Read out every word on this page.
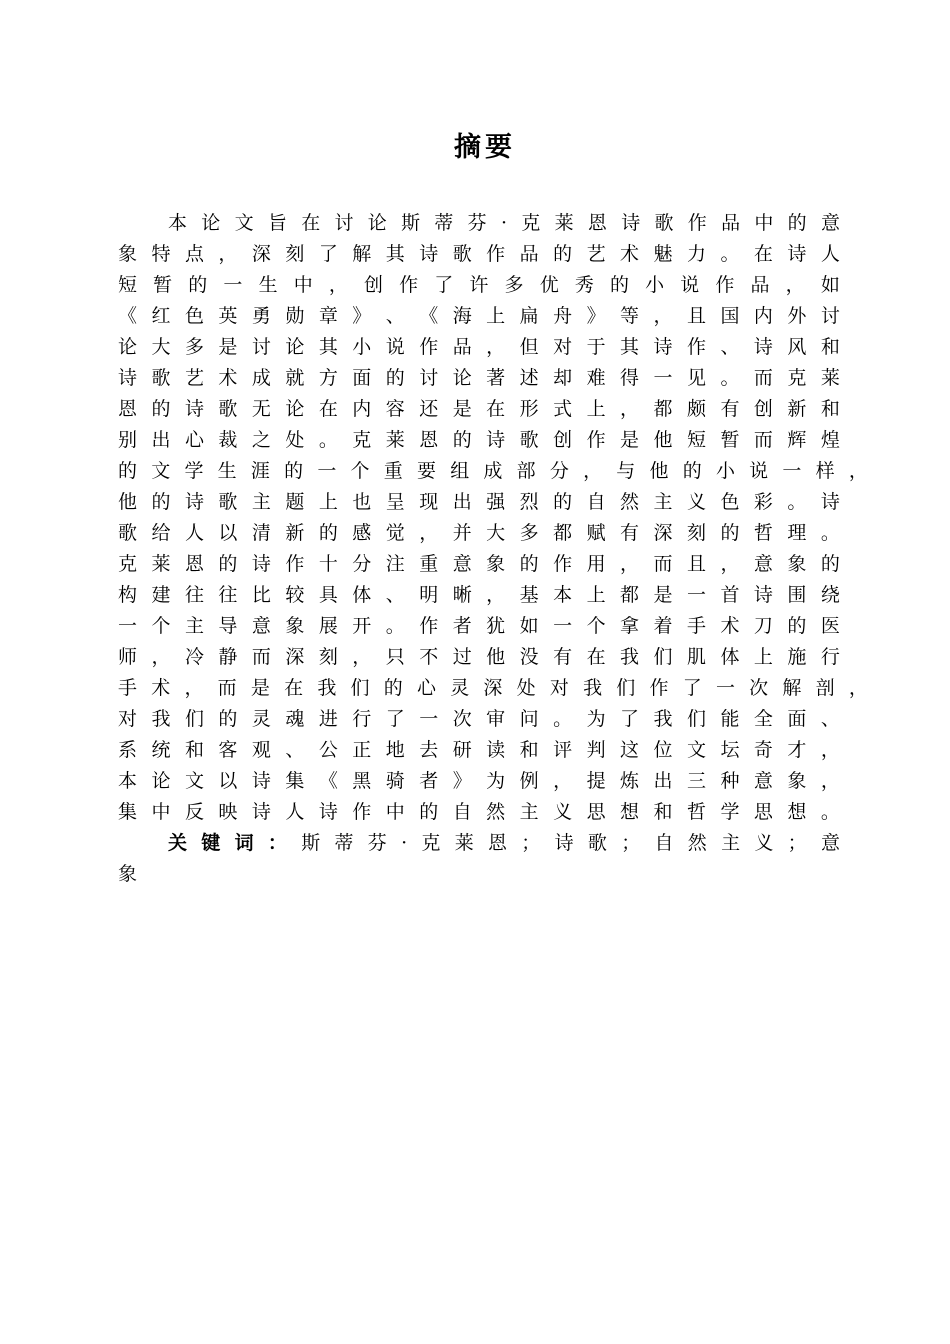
摘要
本 论 文 旨 在 讨 论 斯 蒂 芬 · 克 莱 恩 诗 歌 作 品 中 的 意
象 特 点 ， 深 刻 了 解 其 诗 歌 作 品 的 艺 术 魅 力 。 在 诗 人
短 暂 的 一 生 中 ， 创 作 了 许 多 优 秀 的 小 说 作 品 ， 如
《 红 色 英 勇 勋 章 》 、 《 海 上 扁 舟 》 等 ， 且 国 内 外 讨
论 大 多 是 讨 论 其 小 说 作 品 ， 但 对 于 其 诗 作 、 诗 风 和
诗 歌 艺 术 成 就 方 面 的 讨 论 著 述 却 难 得 一 见 。 而 克 莱
恩 的 诗 歌 无 论 在 内 容 还 是 在 形 式 上 ， 都 颇 有 创 新 和
别 出 心 裁 之 处 。 克 莱 恩 的 诗 歌 创 作 是 他 短 暂 而 辉 煌
的 文 学 生 涯 的 一 个 重 要 组 成 部 分 ， 与 他 的 小 说 一 样 ，
他 的 诗 歌 主 题 上 也 呈 现 出 强 烈 的 自 然 主 义 色 彩 。 诗
歌 给 人 以 清 新 的 感 觉 ， 并 大 多 都 赋 有 深 刻 的 哲 理 。
克 莱 恩 的 诗 作 十 分 注 重 意 象 的 作 用 ， 而 且 ， 意 象 的
构 建 往 往 比 较 具 体 、 明 晰 ， 基 本 上 都 是 一 首 诗 围 绕
一 个 主 导 意 象 展 开 。 作 者 犹 如 一 个 拿 着 手 术 刀 的 医
师 ， 冷 静 而 深 刻 ， 只 不 过 他 没 有 在 我 们 肌 体 上 施 行
手 术 ， 而 是 在 我 们 的 心 灵 深 处 对 我 们 作 了 一 次 解 剖 ，
对 我 们 的 灵 魂 进 行 了 一 次 审 问 。 为 了 我 们 能 全 面 、
系 统 和 客 观 、 公 正 地 去 研 读 和 评 判 这 位 文 坛 奇 才 ，
本 论 文 以 诗 集 《 黑 骑 者 》 为 例 ， 提 炼 出 三 种 意 象 ，
集 中 反 映 诗 人 诗 作 中 的 自 然 主 义 思 想 和 哲 学 思 想 。
关 键 词 ： 斯 蒂 芬 · 克 莱 恩 ； 诗 歌 ； 自 然 主 义 ； 意
象
